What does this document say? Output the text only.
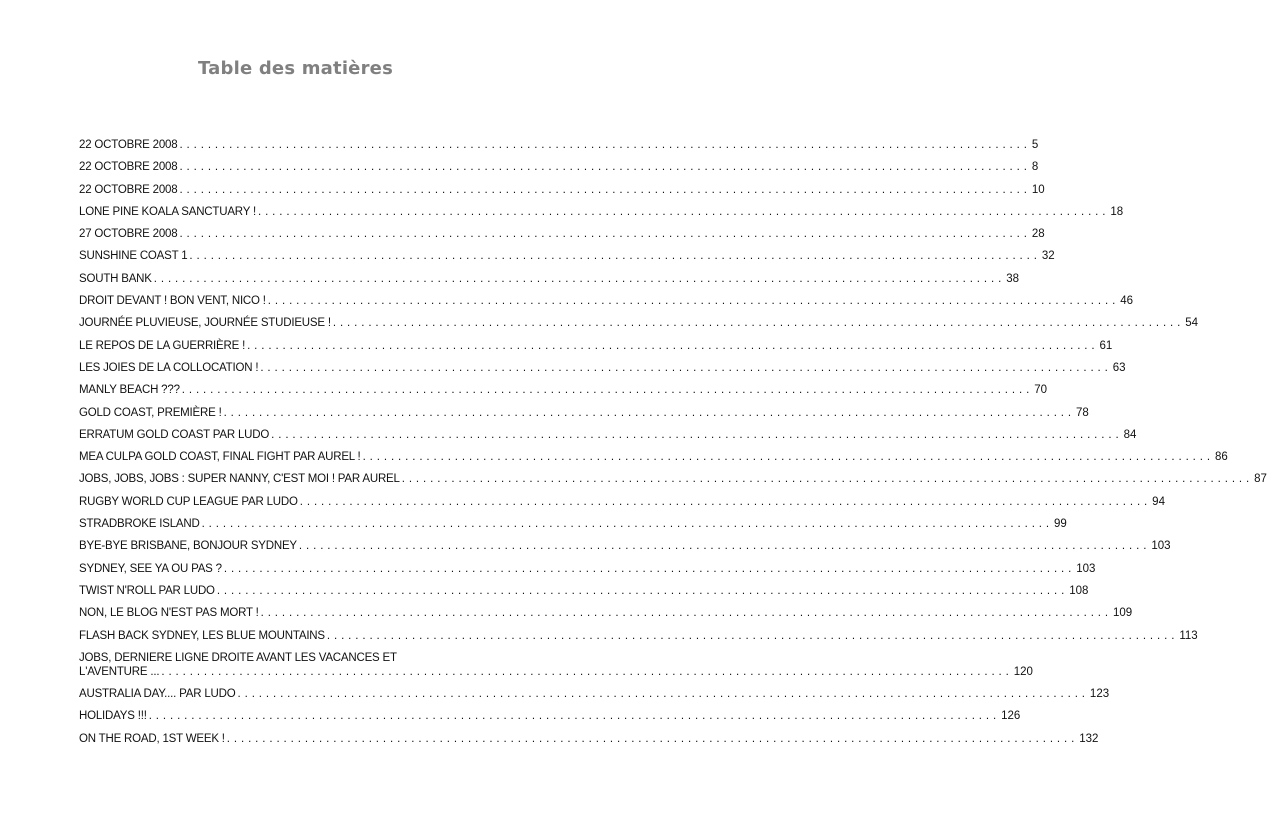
Table des matières
22 OCTOBRE 2008 ........................................................................................................................ 5
22 OCTOBRE 2008 ........................................................................................................................ 8
22 OCTOBRE 2008 ........................................................................................................................ 10
LONE PINE KOALA SANCTUARY ! ........................................................................................................................ 18
27 OCTOBRE 2008 ........................................................................................................................ 28
SUNSHINE COAST 1 ........................................................................................................................ 32
SOUTH BANK ........................................................................................................................ 38
DROIT DEVANT ! BON VENT, NICO ! ........................................................................................................................ 46
JOURNÉE PLUVIEUSE, JOURNÉE STUDIEUSE ! ........................................................................................................................ 54
LE REPOS DE LA GUERRIÈRE ! ........................................................................................................................ 61
LES JOIES DE LA COLLOCATION ! ........................................................................................................................ 63
MANLY BEACH ??? ........................................................................................................................ 70
GOLD COAST, PREMIÈRE ! ........................................................................................................................ 78
ERRATUM GOLD COAST PAR LUDO ........................................................................................................................ 84
MEA CULPA GOLD COAST, FINAL FIGHT PAR AUREL ! ........................................................................................................................ 86
JOBS, JOBS, JOBS : SUPER NANNY, C'EST MOI ! PAR AUREL ........................................................................................................................ 87
RUGBY WORLD CUP LEAGUE PAR LUDO ........................................................................................................................ 94
STRADBROKE ISLAND ........................................................................................................................ 99
BYE-BYE BRISBANE, BONJOUR SYDNEY ........................................................................................................................ 103
SYDNEY, SEE YA OU PAS ? ........................................................................................................................ 103
TWIST N'ROLL PAR LUDO ........................................................................................................................ 108
NON, LE BLOG N'EST PAS MORT ! ........................................................................................................................ 109
FLASH BACK SYDNEY, LES BLUE MOUNTAINS ........................................................................................................................ 113
JOBS, DERNIERE LIGNE DROITE AVANT LES VACANCES ET
L'AVENTURE ... ........................................................................................................................ 120
AUSTRALIA DAY.... PAR LUDO ........................................................................................................................ 123
HOLIDAYS !!! ........................................................................................................................ 126
ON THE ROAD, 1ST WEEK ! ........................................................................................................................ 132
